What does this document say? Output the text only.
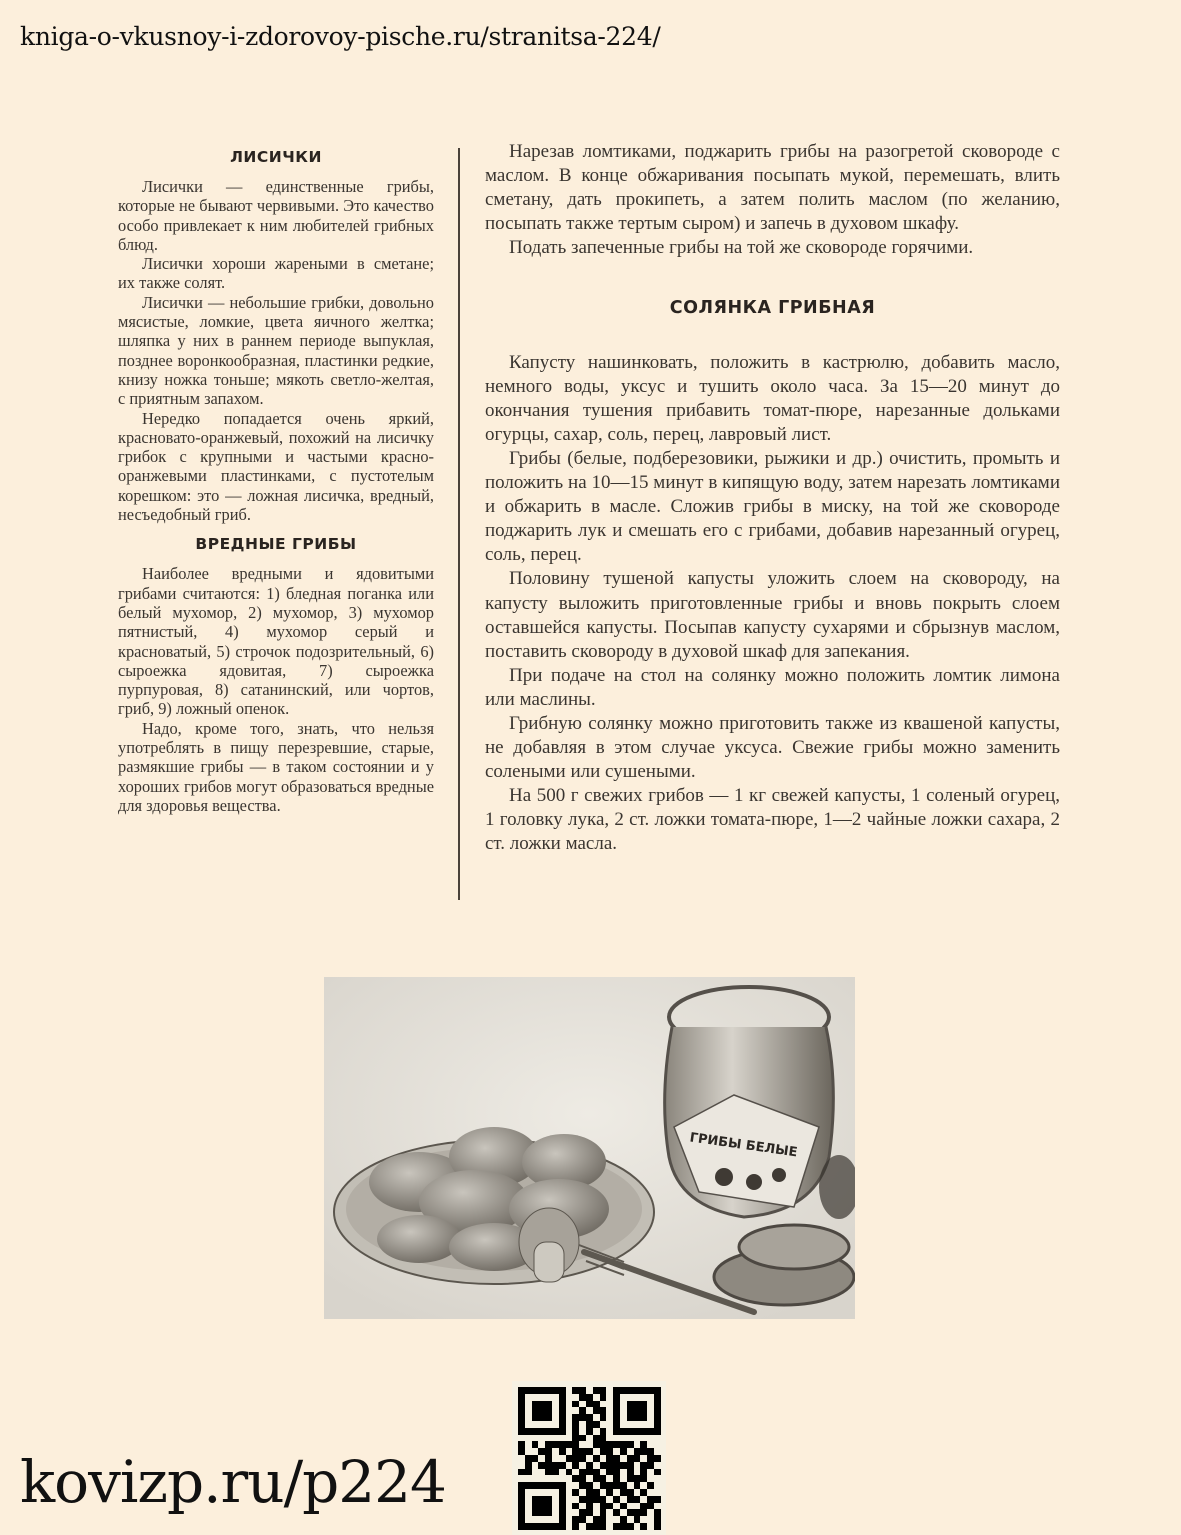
kniga-o-vkusnoy-i-zdorovoy-pische.ru/stranitsa-224/
ЛИСИЧКИ

Лисички — единственные грибы, которые не бывают червивыми. Это качество особо привлекает к ним любителей грибных блюд.

Лисички хороши жареными в сметане; их также солят.

Лисички — небольшие грибки, довольно мясистые, ломкие, цвета яичного желтка; шляпка у них в раннем периоде выпуклая, позднее воронкообразная, пластинки редкие, книзу ножка тоньше; мякоть светло-желтая, с приятным запахом.

Нередко попадается очень яркий, красновато-оранжевый, похожий на лисичку грибок с крупными и частыми красно-оранжевыми пластинками, с пустотелым корешком: это — ложная лисичка, вредный, несъедобный гриб.

ВРЕДНЫЕ ГРИБЫ

Наиболее вредными и ядовитыми грибами считаются: 1) бледная поганка или белый мухомор, 2) мухомор, 3) мухомор пятнистый, 4) мухомор серый и красноватый, 5) строчок подозрительный, 6) сыроежка ядовитая, 7) сыроежка пурпуровая, 8) сатанинский, или чортов, гриб, 9) ложный опенок.

Надо, кроме того, знать, что нельзя употреблять в пищу перезревшие, старые, размякшие грибы — в таком состоянии и у хороших грибов могут образоваться вредные для здоровья вещества.

Нарезав ломтиками, поджарить грибы на разогретой сковороде с маслом. В конце обжаривания посыпать мукой, перемешать, влить сметану, дать прокипеть, а затем полить маслом (по желанию, посыпать также тертым сыром) и запечь в духовом шкафу.

Подать запеченные грибы на той же сковороде горячими.

СОЛЯНКА ГРИБНАЯ

Капусту нашинковать, положить в кастрюлю, добавить масло, немного воды, уксус и тушить около часа. За 15—20 минут до окончания тушения прибавить томат-пюре, нарезанные дольками огурцы, сахар, соль, перец, лавровый лист.

Грибы (белые, подберезовики, рыжики и др.) очистить, промыть и положить на 10—15 минут в кипящую воду, затем нарезать ломтиками и обжарить в масле. Сложив грибы в миску, на той же сковороде поджарить лук и смешать его с грибами, добавив нарезанный огурец, соль, перец.

Половину тушеной капусты уложить слоем на сковороду, на капусту выложить приготовленные грибы и вновь покрыть слоем оставшейся капусты. Посыпав капусту сухарями и сбрызнув маслом, поставить сковороду в духовой шкаф для запекания.

При подаче на стол на солянку можно положить ломтик лимона или маслины.

Грибную солянку можно приготовить также из квашеной капусты, не добавляя в этом случае уксуса. Свежие грибы можно заменить солеными или сушеными.

На 500 г свежих грибов — 1 кг свежей капусты, 1 соленый огурец, 1 головку лука, 2 ст. ложки томата-пюре, 1—2 чайные ложки сахара, 2 ст. ложки масла.

ГРИБЫ БЕЛЫЕ
kovizp.ru/p224
